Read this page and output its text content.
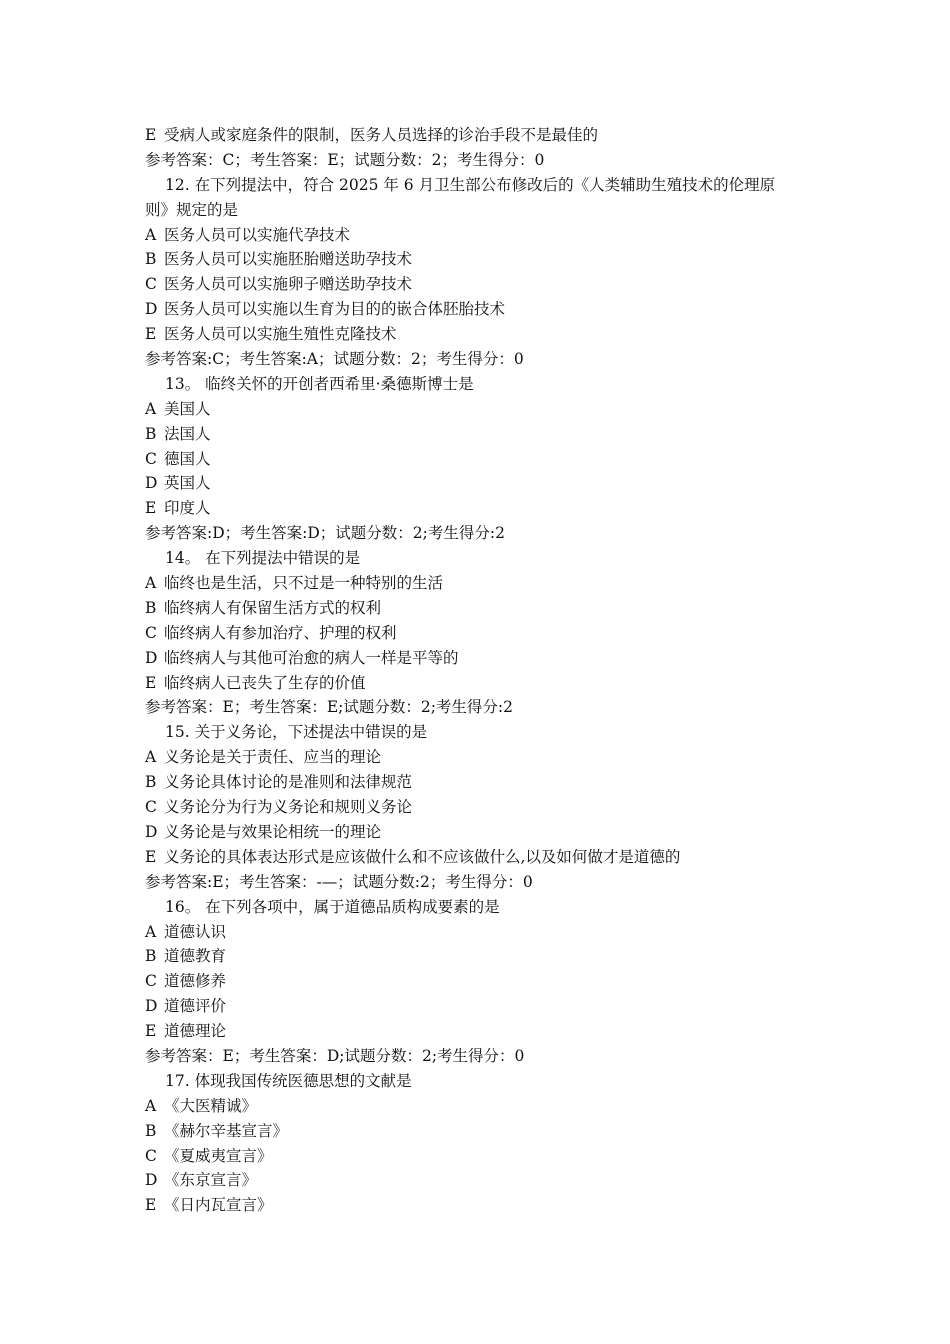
E 受病人或家庭条件的限制，医务人员选择的诊治手段不是最佳的
参考答案：C；考生答案：E；试题分数：2；考生得分：0
12. 在下列提法中，符合 2025 年 6 月卫生部公布修改后的《人类辅助生殖技术的伦理原
则》规定的是
A 医务人员可以实施代孕技术
B 医务人员可以实施胚胎赠送助孕技术
C 医务人员可以实施卵子赠送助孕技术
D 医务人员可以实施以生育为目的的嵌合体胚胎技术
E 医务人员可以实施生殖性克隆技术
参考答案:C；考生答案:A；试题分数：2；考生得分：0
13。 临终关怀的开创者西希里·桑德斯博士是
A 美国人
B 法国人
C 德国人
D 英国人
E 印度人
参考答案:D；考生答案:D；试题分数：2;考生得分:2
14。 在下列提法中错误的是
A 临终也是生活，只不过是一种特别的生活
B 临终病人有保留生活方式的权利
C 临终病人有参加治疗、护理的权利
D 临终病人与其他可治愈的病人一样是平等的
E 临终病人已丧失了生存的价值
参考答案：E；考生答案：E;试题分数：2;考生得分:2
15. 关于义务论，下述提法中错误的是
A 义务论是关于责任、应当的理论
B 义务论具体讨论的是准则和法律规范
C 义务论分为行为义务论和规则义务论
D 义务论是与效果论相统一的理论
E 义务论的具体表达形式是应该做什么和不应该做什么,以及如何做才是道德的
参考答案:E；考生答案：-—；试题分数:2；考生得分：0
16。 在下列各项中，属于道德品质构成要素的是
A 道德认识
B 道德教育
C 道德修养
D 道德评价
E 道德理论
参考答案：E；考生答案：D;试题分数：2;考生得分：0
17. 体现我国传统医德思想的文献是
A 《大医精诚》
B 《赫尔辛基宣言》
C 《夏威夷宣言》
D 《东京宣言》
E 《日内瓦宣言》
